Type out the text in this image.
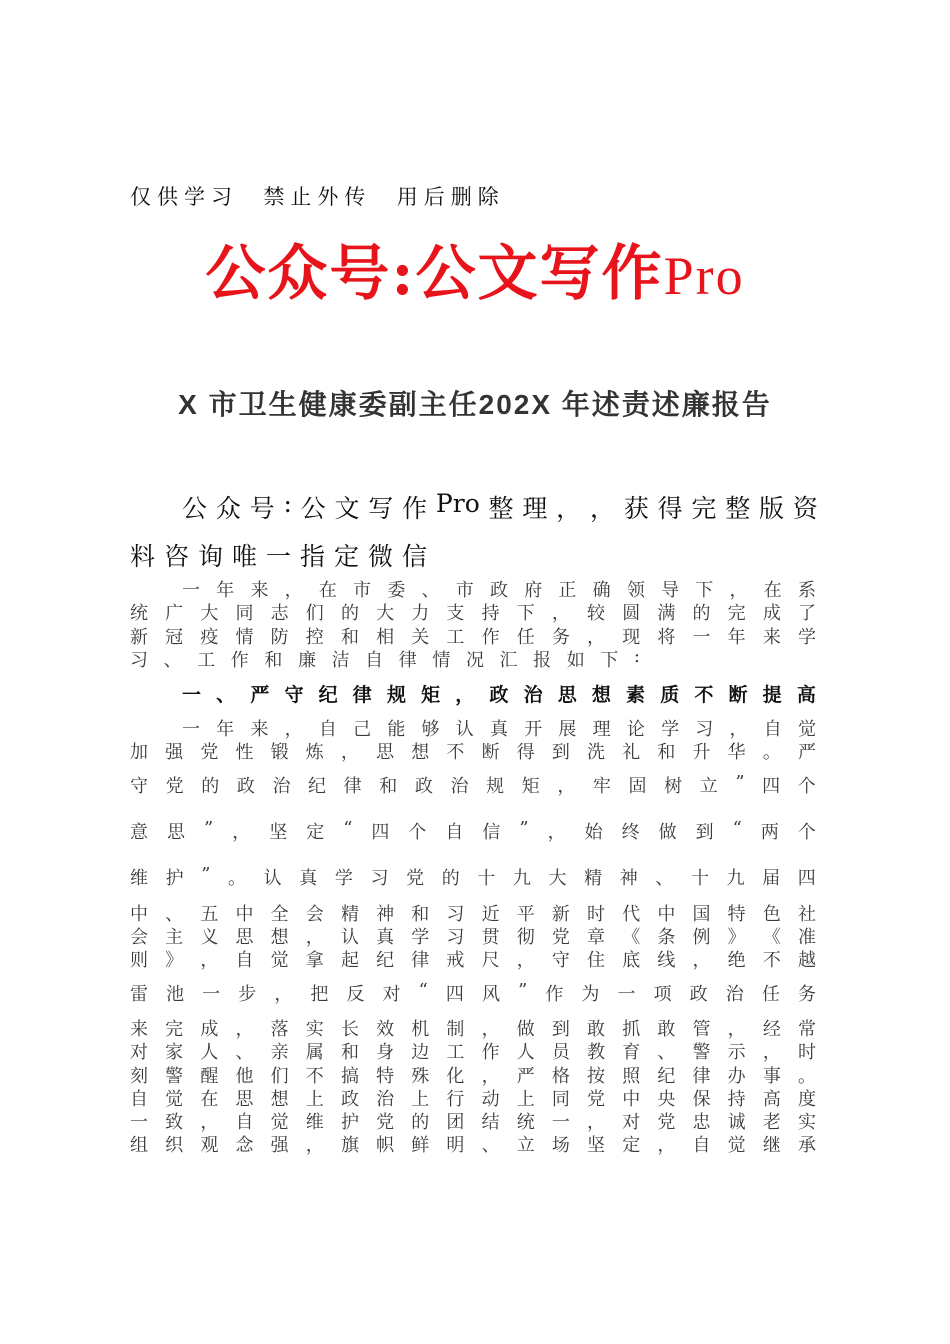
仅供学习  禁止外传  用后删除
公众号:公文写作Pro
X 市卫生健康委副主任202X 年述责述廉报告
公 众 号 : 公 文 写 作 Pro 整 理 ， ， 获 得 完 整 版 资
料咨询唯一指定微信
一 年 来 ， 在 市 委 、 市 政 府 正 确 领 导 下 ， 在 系
统 广 大 同 志 们 的 大 力 支 持 下 ， 较 圆 满 的 完 成 了
新 冠 疫 情 防 控 和 相 关 工 作 任 务 ， 现 将 一 年 来 学
习 、 工 作 和 廉 洁 自 律 情 况 汇 报 如 下 :
一 、 严 守 纪 律 规 矩 ， 政 治 思 想 素 质 不 断 提 高
一 年 来 ， 自 己 能 够 认 真 开 展 理 论 学 习 ， 自 觉
加 强 党 性 锻 炼 ， 思 想 不 断 得 到 洗 礼 和 升 华 。 严
守 党 的 政 治 纪 律 和 政 治 规 矩 ， 牢 固 树 立 ” 四 个
意 思 ” ， 坚 定 “ 四 个 自 信 ” ， 始 终 做 到 “ 两 个
维 护 ” 。 认 真 学 习 党 的 十 九 大 精 神 、 十 九 届 四
中 、 五 中 全 会 精 神 和 习 近 平 新 时 代 中 国 特 色 社
会 主 义 思 想 ， 认 真 学 习 贯 彻 党 章 《 条 例 》 《 准
则 》 ， 自 觉 拿 起 纪 律 戒 尺 ， 守 住 底 线 ， 绝 不 越
雷 池 一 步 ， 把 反 对 “ 四 风 ” 作 为 一 项 政 治 任 务
来 完 成 ， 落 实 长 效 机 制 ， 做 到 敢 抓 敢 管 ， 经 常
对 家 人 、 亲 属 和 身 边 工 作 人 员 教 育 、 警 示 ， 时
刻 警 醒 他 们 不 搞 特 殊 化 ， 严 格 按 照 纪 律 办 事 。
自 觉 在 思 想 上 政 治 上 行 动 上 同 党 中 央 保 持 高 度
一 致 ， 自 觉 维 护 党 的 团 结 统 一 ， 对 党 忠 诚 老 实
组 织 观 念 强 ， 旗 帜 鲜 明 、 立 场 坚 定 ， 自 觉 继 承
